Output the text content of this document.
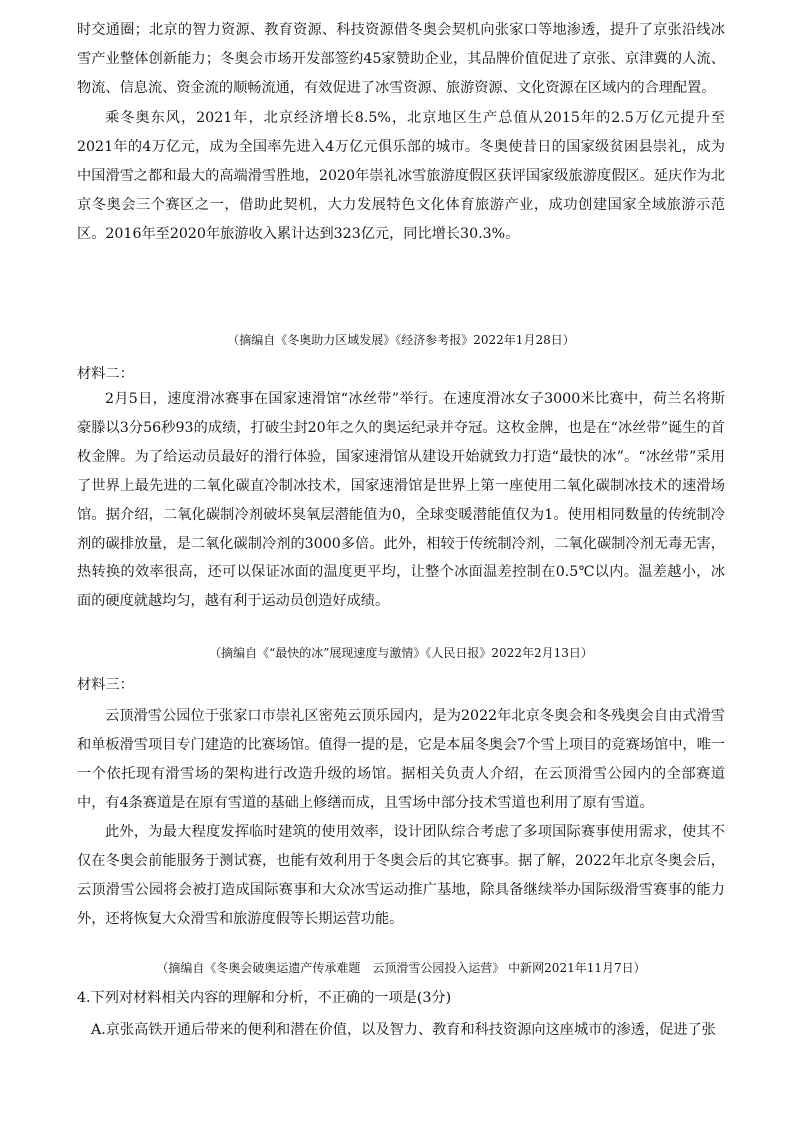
时交通圈；北京的智力资源、教育资源、科技资源借冬奥会契机向张家口等地渗透，提升了京张沿线冰雪产业整体创新能力；冬奥会市场开发部签约45家赞助企业，其品牌价值促进了京张、京津冀的人流、物流、信息流、资金流的顺畅流通，有效促进了冰雪资源、旅游资源、文化资源在区域内的合理配置。

乘冬奥东风，2021年，北京经济增长8.5%，北京地区生产总值从2015年的2.5万亿元提升至2021年的4万亿元，成为全国率先进入4万亿元俱乐部的城市。冬奥使昔日的国家级贫困县崇礼，成为中国滑雪之都和最大的高端滑雪胜地，2020年崇礼冰雪旅游度假区获评国家级旅游度假区。延庆作为北京冬奥会三个赛区之一，借助此契机，大力发展特色文化体育旅游产业，成功创建国家全域旅游示范区。2016年至2020年旅游收入累计达到323亿元，同比增长30.3%。

（摘编自《冬奥助力区域发展》《经济参考报》2022年1月28日）

材料二：

2月5日，速度滑冰赛事在国家速滑馆“冰丝带”举行。在速度滑冰女子3000米比赛中，荷兰名将斯豪滕以3分56秒93的成绩，打破尘封20年之久的奥运纪录并夺冠。这枚金牌，也是在“冰丝带”诞生的首枚金牌。为了给运动员最好的滑行体验，国家速滑馆从建设开始就致力打造“最快的冰”。“冰丝带”采用了世界上最先进的二氧化碳直冷制冰技术，国家速滑馆是世界上第一座使用二氧化碳制冰技术的速滑场馆。据介绍，二氧化碳制冷剂破坏臭氧层潜能值为0，全球变暖潜能值仅为1。使用相同数量的传统制冷剂的碳排放量，是二氧化碳制冷剂的3000多倍。此外，相较于传统制冷剂，二氧化碳制冷剂无毒无害，热转换的效率很高，还可以保证冰面的温度更平均，让整个冰面温差控制在0.5℃以内。温差越小，冰面的硬度就越均匀，越有利于运动员创造好成绩。

（摘编自《“最快的冰”展现速度与激情》《人民日报》2022年2月13日）

材料三：

云顶滑雪公园位于张家口市崇礼区密苑云顶乐园内，是为2022年北京冬奥会和冬残奥会自由式滑雪和单板滑雪项目专门建造的比赛场馆。值得一提的是，它是本届冬奥会7个雪上项目的竞赛场馆中，唯一一个依托现有滑雪场的架构进行改造升级的场馆。据相关负责人介绍，在云顶滑雪公园内的全部赛道中，有4条赛道是在原有雪道的基础上修缮而成，且雪场中部分技术雪道也利用了原有雪道。

此外，为最大程度发挥临时建筑的使用效率，设计团队综合考虑了多项国际赛事使用需求，使其不仅在冬奥会前能服务于测试赛，也能有效利用于冬奥会后的其它赛事。据了解，2022年北京冬奥会后，云顶滑雪公园将会被打造成国际赛事和大众冰雪运动推广基地，除具备继续举办国际级滑雪赛事的能力外，还将恢复大众滑雪和旅游度假等长期运营功能。

（摘编自《冬奥会破奥运遗产传承难题　云顶滑雪公园投入运营》 中新网2021年11月7日）

4.下列对材料相关内容的理解和分析，不正确的一项是(3分)

A.京张高铁开通后带来的便利和潜在价值，以及智力、教育和科技资源向这座城市的渗透，促进了张
